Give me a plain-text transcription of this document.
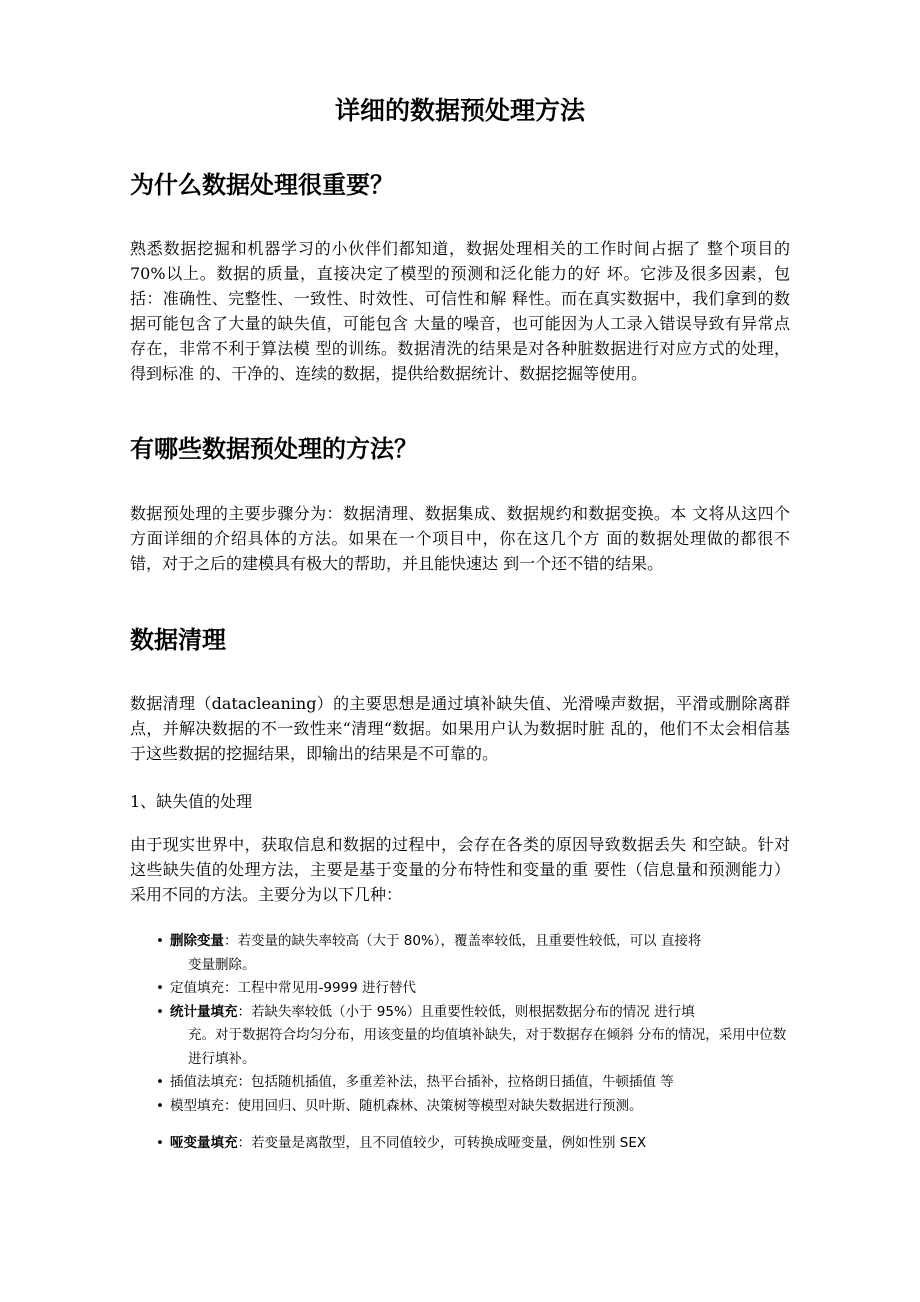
详细的数据预处理方法
为什么数据处理很重要？

熟悉数据挖掘和机器学习的小伙伴们都知道，数据处理相关的工作时间占据了 整个项目的 70%以上。数据的质量，直接决定了模型的预测和泛化能力的好 坏。它涉及很多因素，包括：准确性、完整性、一致性、时效性、可信性和解 释性。而在真实数据中，我们拿到的数据可能包含了大量的缺失值，可能包含 大量的噪音，也可能因为人工录入错误导致有异常点存在，非常不利于算法模 型的训练。数据清洗的结果是对各种脏数据进行对应方式的处理，得到标准 的、干净的、连续的数据，提供给数据统计、数据挖掘等使用。

有哪些数据预处理的方法？

数据预处理的主要步骤分为：数据清理、数据集成、数据规约和数据变换。本 文将从这四个方面详细的介绍具体的方法。如果在一个项目中，你在这几个方 面的数据处理做的都很不错，对于之后的建模具有极大的帮助，并且能快速达 到一个还不错的结果。

数据清理

数据清理（datacleaning）的主要思想是通过填补缺失值、光滑噪声数据，平滑或删除离群点，并解决数据的不一致性来“清理“数据。如果用户认为数据时脏 乱的，他们不太会相信基于这些数据的挖掘结果，即输出的结果是不可靠的。

1、缺失值的处理

由于现实世界中，获取信息和数据的过程中，会存在各类的原因导致数据丢失 和空缺。针对这些缺失值的处理方法，主要是基于变量的分布特性和变量的重 要性（信息量和预测能力）采用不同的方法。主要分为以下几种：

• 删除变量：若变量的缺失率较高（大于 80%），覆盖率较低，且重要性较低，可以 直接将
变量删除。
• 定值填充：工程中常见用-9999 进行替代
• 统计量填充：若缺失率较低（小于 95%）且重要性较低，则根据数据分布的情况 进行填
充。对于数据符合均匀分布，用该变量的均值填补缺失，对于数据存在倾斜 分布的情况，采用中位数进行填补。
• 插值法填充：包括随机插值，多重差补法，热平台插补，拉格朗日插值，牛顿插值 等
• 模型填充：使用回归、贝叶斯、随机森林、决策树等模型对缺失数据进行预测。
• 哑变量填充：若变量是离散型，且不同值较少，可转换成哑变量，例如性别 SEX
